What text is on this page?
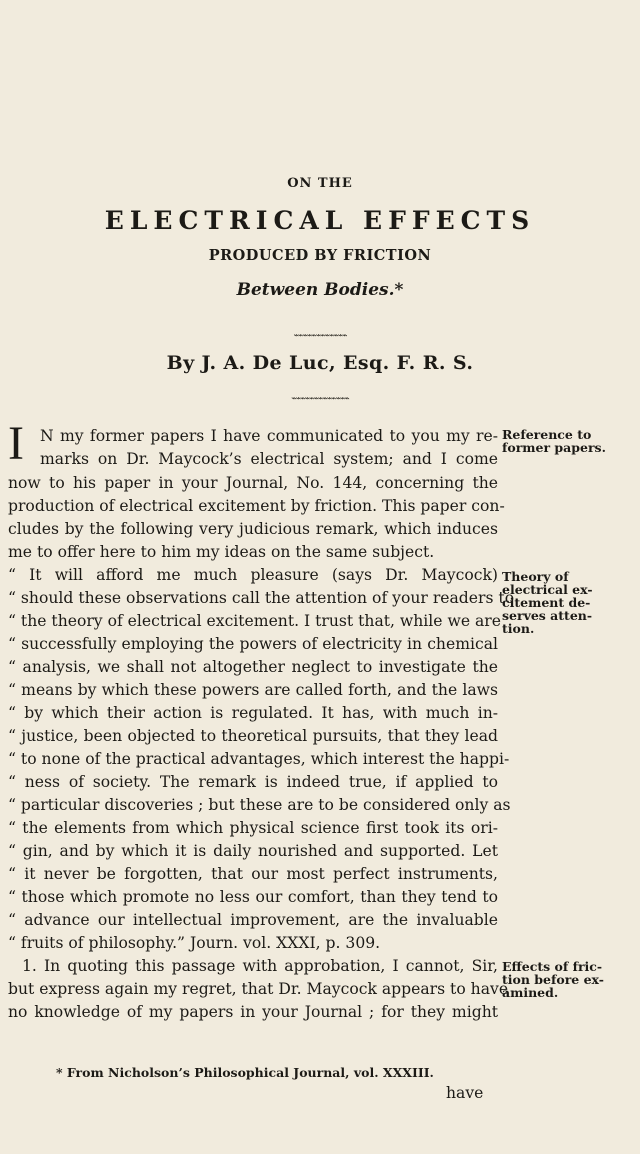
ON THE
ELECTRICAL EFFECTS
PRODUCED BY FRICTION
Between Bodies.*
⌁⌁⌁⌁⌁⌁⌁⌁⌁⌁⌁⌁
By J. A. De Luc, Esq. F. R. S.
⌁⌁⌁⌁⌁⌁⌁⌁⌁⌁⌁⌁⌁
I N my former papers I have communicated to you my re-
marks on Dr. Maycock’s electrical system; and I come
now to his paper in your Journal, No. 144, concerning the
production of electrical excitement by friction. This paper con-
cludes by the following very judicious remark, which induces
me to offer here to him my ideas on the same subject.
“ It will afford me much pleasure (says Dr. Maycock)
“ should these observations call the attention of your readers to
“ the theory of electrical excitement. I trust that, while we are
“ successfully employing the powers of electricity in chemical
“ analysis, we shall not altogether neglect to investigate the
“ means by which these powers are called forth, and the laws
“ by which their action is regulated. It has, with much in-
“ justice, been objected to theoretical pursuits, that they lead
“ to none of the practical advantages, which interest the happi-
“ ness of society. The remark is indeed true, if applied to
“ particular discoveries ; but these are to be considered only as
“ the elements from which physical science first took its ori-
“ gin, and by which it is daily nourished and supported. Let
“ it never be forgotten, that our most perfect instruments,
“ those which promote no less our comfort, than they tend to
“ advance our intellectual improvement, are the invaluable
“ fruits of philosophy.” Journ. vol. XXXI, p. 309.
1. In quoting this passage with approbation, I cannot, Sir,
but express again my regret, that Dr. Maycock appears to have
no knowledge of my papers in your Journal ; for they might
Reference to
former papers.
Theory of
electrical ex-
citement de-
serves atten-
tion.
Effects of fric-
tion before ex-
amined.
* From Nicholson’s Philosophical Journal, vol. XXXIII.
have
